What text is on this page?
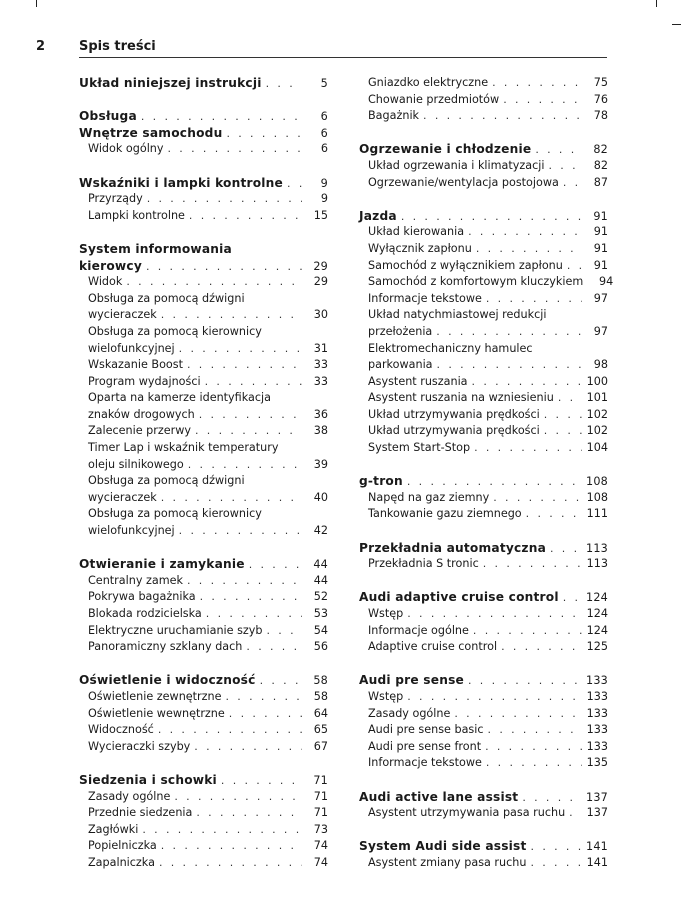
2	Spis treści
Układ niniejszej instrukcji . . .	5
Obsługa . . .	6
Wnętrze samochodu . . .	6
Widok ogólny . . .	6
Wskaźniki i lampki kontrolne . . .	9
Przyrządy . . .	9
Lampki kontrolne . . .	15
System informowania
kierowcy . . .	29
Widok . . .	29
Obsługa za pomocą dźwigni
wycieraczek . . .	30
Obsługa za pomocą kierownicy
wielofunkcyjnej . . .	31
Wskazanie Boost . . .	33
Program wydajności . . .	33
Oparta na kamerze identyfikacja
znaków drogowych . . .	36
Zalecenie przerwy . . .	38
Timer Lap i wskaźnik temperatury
oleju silnikowego . . .	39
Obsługa za pomocą dźwigni
wycieraczek . . .	40
Obsługa za pomocą kierownicy
wielofunkcyjnej . . .	42
Otwieranie i zamykanie . . .	44
Centralny zamek . . .	44
Pokrywa bagażnika . . .	52
Blokada rodzicielska . . .	53
Elektryczne uruchamianie szyb . . .	54
Panoramiczny szklany dach . . .	56
Oświetlenie i widoczność . . .	58
Oświetlenie zewnętrzne . . .	58
Oświetlenie wewnętrzne . . .	64
Widoczność . . .	65
Wycieraczki szyby . . .	67
Siedzenia i schowki . . .	71
Zasady ogólne . . .	71
Przednie siedzenia . . .	71
Zagłówki . . .	73
Popielniczka . . .	74
Zapalniczka . . .	74
Gniazdko elektryczne . . .	75
Chowanie przedmiotów . . .	76
Bagażnik . . .	78
Ogrzewanie i chłodzenie . . .	82
Układ ogrzewania i klimatyzacji . . .	82
Ogrzewanie/wentylacja postojowa . . .	87
Jazda . . .	91
Układ kierowania . . .	91
Wyłącznik zapłonu . . .	91
Samochód z wyłącznikiem zapłonu . . .	91
Samochód z komfortowym kluczykiem	94
Informacje tekstowe . . .	97
Układ natychmiastowej redukcji
przełożenia . . .	97
Elektromechaniczny hamulec
parkowania . . .	98
Asystent ruszania . . .	100
Asystent ruszania na wzniesieniu . . .	101
Układ utrzymywania prędkości . . .	102
Układ utrzymywania prędkości . . .	102
System Start-Stop . . .	104
g-tron . . .	108
Napęd na gaz ziemny . . .	108
Tankowanie gazu ziemnego . . .	111
Przekładnia automatyczna . . .	113
Przekładnia S tronic . . .	113
Audi adaptive cruise control . . . 124
Wstęp . . .	124
Informacje ogólne . . .	124
Adaptive cruise control . . .	125
Audi pre sense . . .	133
Wstęp . . .	133
Zasady ogólne . . .	133
Audi pre sense basic . . .	133
Audi pre sense front . . .	133
Informacje tekstowe . . .	135
Audi active lane assist . . .	137
Asystent utrzymywania pasa ruchu . . . 137
System Audi side assist . . .	141
Asystent zmiany pasa ruchu . . .	141
